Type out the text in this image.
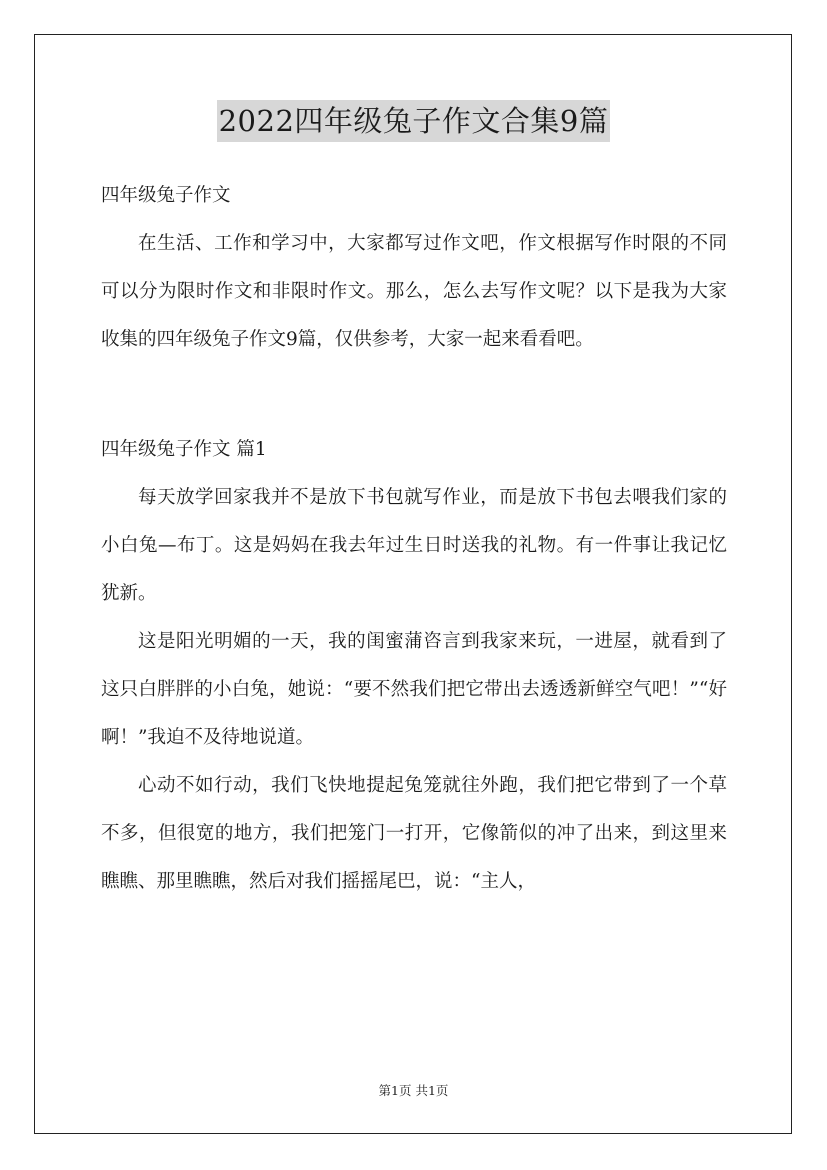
2022四年级兔子作文合集9篇

四年级兔子作文

在生活、工作和学习中，大家都写过作文吧，作文根据写作时限的不同可以分为限时作文和非限时作文。那么，怎么去写作文呢？以下是我为大家收集的四年级兔子作文9篇，仅供参考，大家一起来看看吧。

四年级兔子作文 篇1

每天放学回家我并不是放下书包就写作业，而是放下书包去喂我们家的小白兔—布丁。这是妈妈在我去年过生日时送我的礼物。有一件事让我记忆犹新。

这是阳光明媚的一天，我的闺蜜蒲咨言到我家来玩，一进屋，就看到了这只白胖胖的小白兔，她说：“要不然我们把它带出去透透新鲜空气吧！”“好啊！”我迫不及待地说道。

心动不如行动，我们飞快地提起兔笼就往外跑，我们把它带到了一个草不多，但很宽的地方，我们把笼门一打开，它像箭似的冲了出来，到这里来瞧瞧、那里瞧瞧，然后对我们摇摇尾巴，说：“主人，

第1页 共1页
